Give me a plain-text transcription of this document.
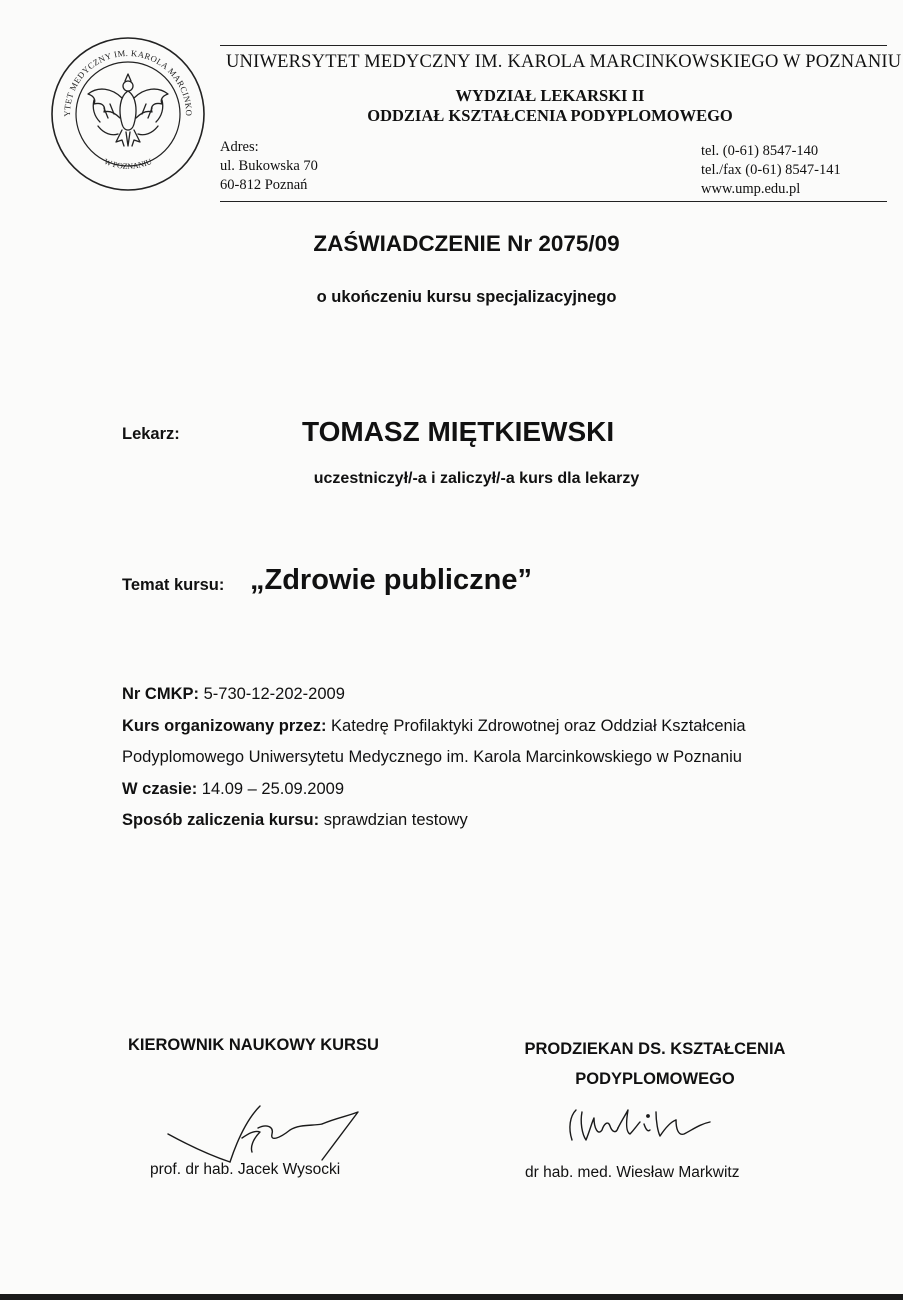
YTET MEDYCZNY IM. KAROLA MARCINKO
W POZNANIU
UNIWERSYTET MEDYCZNY IM. KAROLA MARCINKOWSKIEGO W POZNANIU
WYDZIAŁ LEKARSKI II
ODDZIAŁ KSZTAŁCENIA PODYPLOMOWEGO
Adres:
ul. Bukowska 70
60-812 Poznań
tel. (0-61) 8547-140
tel./fax (0-61) 8547-141
www.ump.edu.pl
ZAŚWIADCZENIE Nr 2075/09
o ukończeniu kursu specjalizacyjnego
Lekarz:	TOMASZ MIĘTKIEWSKI
uczestniczył/-a i zaliczył/-a kurs dla lekarzy
Temat kursu: „Zdrowie publiczne”
Nr CMKP: 5-730-12-202-2009
Kurs organizowany przez: Katedrę Profilaktyki Zdrowotnej oraz Oddział Kształcenia
Podyplomowego Uniwersytetu Medycznego im. Karola Marcinkowskiego w Poznaniu
W czasie: 14.09 – 25.09.2009
Sposób zaliczenia kursu: sprawdzian testowy
KIEROWNIK NAUKOWY KURSU
prof. dr hab. Jacek Wysocki
PRODZIEKAN DS. KSZTAŁCENIA
PODYPLOMOWEGO
dr hab. med. Wiesław Markwitz
